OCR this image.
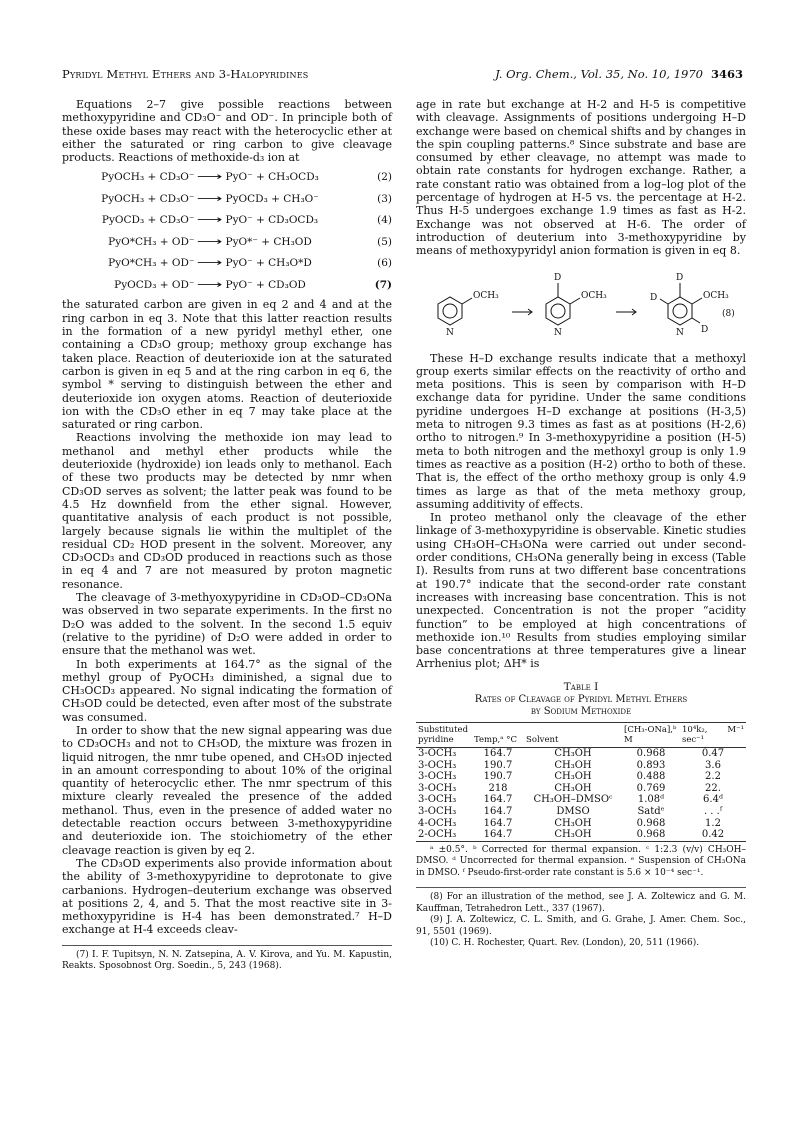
Pyridyl Methyl Ethers and 3-Halopyridines	J. Org. Chem., Vol. 35, No. 10, 1970 3463

Equations 2–7 give possible reactions between methoxypyridine and CD₃O⁻ and OD⁻. In principle both of these oxide bases may react with the heterocyclic ether at either the saturated or ring carbon to give cleavage products. Reactions of methoxide-d₃ ion at

PyOCH₃ + CD₃O⁻ ⟶ PyO⁻ + CH₃OCD₃	(2)
PyOCH₃ + CD₃O⁻ ⟶ PyOCD₃ + CH₃O⁻	(3)
PyOCD₃ + CD₃O⁻ ⟶ PyO⁻ + CD₃OCD₃	(4)
PyO*CH₃ + OD⁻ ⟶ PyO*⁻ + CH₃OD	(5)
PyO*CH₃ + OD⁻ ⟶ PyO⁻ + CH₃O*D	(6)
PyOCD₃ + OD⁻ ⟶ PyO⁻ + CD₃OD	(7)

the saturated carbon are given in eq 2 and 4 and at the ring carbon in eq 3. Note that this latter reaction results in the formation of a new pyridyl methyl ether, one containing a CD₃O group; methoxy group exchange has taken place. Reaction of deuterioxide ion at the saturated carbon is given in eq 5 and at the ring carbon in eq 6, the symbol * serving to distinguish between the ether and deuterioxide ion oxygen atoms. Reaction of deuterioxide ion with the CD₃O ether in eq 7 may take place at the saturated or ring carbon.

Reactions involving the methoxide ion may lead to methanol and methyl ether products while the deuterioxide (hydroxide) ion leads only to methanol. Each of these two products may be detected by nmr when CD₃OD serves as solvent; the latter peak was found to be 4.5 Hz downfield from the ether signal. However, quantitative analysis of each product is not possible, largely because signals lie within the multiplet of the residual CD₂ HOD present in the solvent. Moreover, any CD₃OCD₃ and CD₃OD produced in reactions such as those in eq 4 and 7 are not measured by proton magnetic resonance.

The cleavage of 3-methyoxypyridine in CD₃OD–CD₃ONa was observed in two separate experiments. In the first no D₂O was added to the solvent. In the second 1.5 equiv (relative to the pyridine) of D₂O were added in order to ensure that the methanol was wet.

In both experiments at 164.7° as the signal of the methyl group of PyOCH₃ diminished, a signal due to CH₃OCD₃ appeared. No signal indicating the formation of CH₃OD could be detected, even after most of the substrate was consumed.

In order to show that the new signal appearing was due to CD₃OCH₃ and not to CH₃OD, the mixture was frozen in liquid nitrogen, the nmr tube opened, and CH₃OD injected in an amount corresponding to about 10% of the original quantity of heterocyclic ether. The nmr spectrum of this mixture clearly revealed the presence of the added methanol. Thus, even in the presence of added water no detectable reaction occurs between 3-methoxypyridine and deuterioxide ion. The stoichiometry of the ether cleavage reaction is given by eq 2.

The CD₃OD experiments also provide information about the ability of 3-methoxypyridine to deprotonate to give carbanions. Hydrogen–deuterium exchange was observed at positions 2, 4, and 5. That the most reactive site in 3-methoxypyridine is H-4 has been demonstrated.⁷ H–D exchange at H-4 exceeds cleav-

(7) I. F. Tupitsyn, N. N. Zatsepina, A. V. Kirova, and Yu. M. Kapustin, Reakts. Sposobnost Org. Soedin., 5, 243 (1968).

age in rate but exchange at H-2 and H-5 is competitive with cleavage. Assignments of positions undergoing H–D exchange were based on chemical shifts and by changes in the spin coupling patterns.⁸ Since substrate and base are consumed by ether cleavage, no attempt was made to obtain rate constants for hydrogen exchange. Rather, a rate constant ratio was obtained from a log–log plot of the percentage of hydrogen at H-5 vs. the percentage at H-2. Thus H-5 undergoes exchange 1.9 times as fast as H-2. Exchange was not observed at H-6. The order of introduction of deuterium into 3-methoxypyridine by means of methoxypyridyl anion formation is given in eq 8.

OCH₃
N
OCH₃
N
D
OCH₃
N
D
D
D
(8)

These H–D exchange results indicate that a methoxyl group exerts similar effects on the reactivity of ortho and meta positions. This is seen by comparison with H–D exchange data for pyridine. Under the same conditions pyridine undergoes H–D exchange at positions (H-3,5) meta to nitrogen 9.3 times as fast as at positions (H-2,6) ortho to nitrogen.⁹ In 3-methoxypyridine a position (H-5) meta to both nitrogen and the methoxyl group is only 1.9 times as reactive as a position (H-2) ortho to both of these. That is, the effect of the ortho methoxy group is only 4.9 times as large as that of the meta methoxy group, assuming additivity of effects.

In proteo methanol only the cleavage of the ether linkage of 3-methoxypyridine is observable. Kinetic studies using CH₃OH–CH₃ONa were carried out under second-order conditions, CH₃ONa generally being in excess (Table I). Results from runs at two different base concentrations at 190.7° indicate that the second-order rate constant increases with increasing base concentration. This is not unexpected. Concentration is not the proper “acidity function” to be employed at high concentrations of methoxide ion.¹⁰ Results from studies employing similar base concentrations at three temperatures give a linear Arrhenius plot; ΔH* is

Table I
Rates of Cleavage of Pyridyl Methyl Ethers
by Sodium Methoxide
Substituted pyridine	Temp,ᵃ °C	Solvent	[CH₃-ONa],ᵇ M	10⁴k₂, M⁻¹ sec⁻¹
3-OCH₃	164.7	CH₃OH	0.968	0.47
3-OCH₃	190.7	CH₃OH	0.893	3.6
3-OCH₃	190.7	CH₃OH	0.488	2.2
3-OCH₃	218	CH₃OH	0.769	22.
3-OCH₃	164.7	CH₃OH–DMSOᶜ	1.08ᵈ	6.4ᵈ
3-OCH₃	164.7	DMSO	Satdᵉ	. . .ᶠ
4-OCH₃	164.7	CH₃OH	0.968	1.2
2-OCH₃	164.7	CH₃OH	0.968	0.42

ᵃ ±0.5°. ᵇ Corrected for thermal expansion. ᶜ 1:2.3 (v/v) CH₃OH–DMSO. ᵈ Uncorrected for thermal expansion. ᵉ Suspension of CH₃ONa in DMSO. ᶠ Pseudo-first-order rate constant is 5.6 × 10⁻⁴ sec⁻¹.

(8) For an illustration of the method, see J. A. Zoltewicz and G. M. Kauffman, Tetrahedron Lett., 337 (1967).

(9) J. A. Zoltewicz, C. L. Smith, and G. Grahe, J. Amer. Chem. Soc., 91, 5501 (1969).

(10) C. H. Rochester, Quart. Rev. (London), 20, 511 (1966).
